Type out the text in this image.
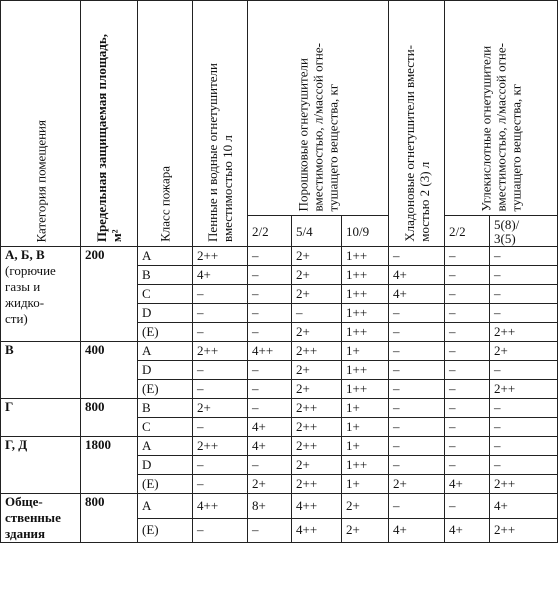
Категория помещения	Предельная защищаемая площадь,
м²	Класс пожара	Пенные и водные огнетушители
вместимостью 10 л	Порошковые огнетушители
вместимостью, л/массой огне-
тушащего вещества, кг			Хладоновые огнетушители вмести-
мостью 2 (3) л	Углекислотные огнетушители
вместимостью, л/массой огне-
тушащего вещества, кг	

				2/2	5/4	10/9		2/2	5(8)/
3(5)
А, Б, В
(горючие
газы и
жидко-
сти)	200	А	2++	–	2+	1++	–	–	–
		B	4+	–	2+	1++	4+	–	–
		C	–	–	2+	1++	4+	–	–
		D	–	–	–	1++	–	–	–
		(E)	–	–	2+	1++	–	–	2++
В	400	A	2++	4++	2++	1+	–	–	2+
		D	–	–	2+	1++	–	–	–
		(E)	–	–	2+	1++	–	–	2++
Г	800	B	2+	–	2++	1+	–	–	–
		C	–	4+	2++	1+	–	–	–
Г, Д	1800	A	2++	4+	2++	1+	–	–	–
		D	–	–	2+	1++	–	–	–
		(E)	–	2+	2++	1+	2+	4+	2++
Обще-
ственные
здания	800	A	4++	8+	4++	2+	–	–	4+
		(E)	–	–	4++	2+	4+	4+	2++
